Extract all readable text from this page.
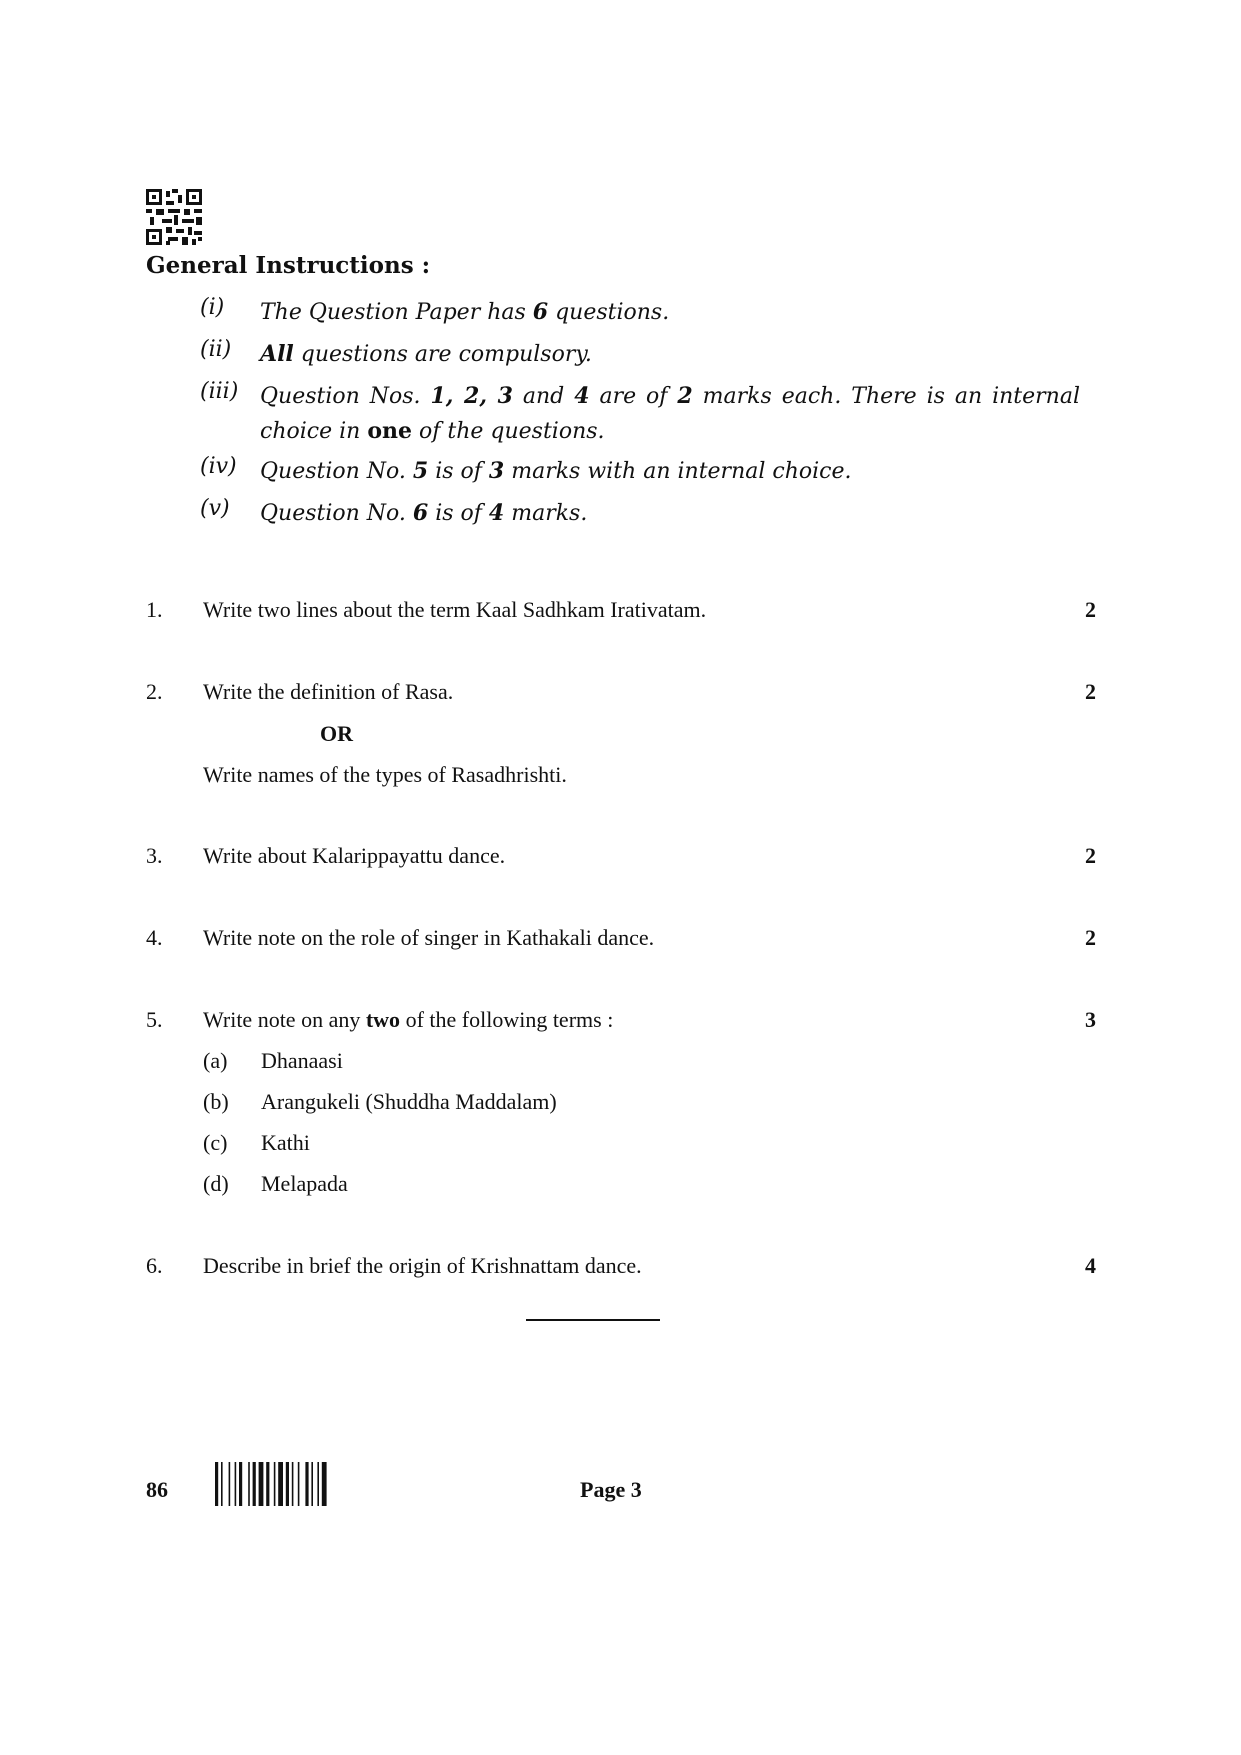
General Instructions :
(i)	The Question Paper has 6 questions.
(ii)	All questions are compulsory.
(iii) Question Nos. 1, 2, 3 and 4 are of 2 marks each. There is an internal choice in one of the questions.
(iv)	Question No. 5 is of 3 marks with an internal choice.
(v)	Question No. 6 is of 4 marks.
1. Write two lines about the term Kaal Sadhkam Irativatam.	2
2. Write the definition of Rasa.	2
OR
Write names of the types of Rasadhrishti.
3. Write about Kalarippayattu dance.	2
4. Write note on the role of singer in Kathakali dance.	2
5. Write note on any two of the following terms :	3
(a) Dhanaasi
(b) Arangukeli (Shuddha Maddalam)
(c) Kathi
(d) Melapada
6. Describe in brief the origin of Krishnattam dance.	4
86	Page 3
